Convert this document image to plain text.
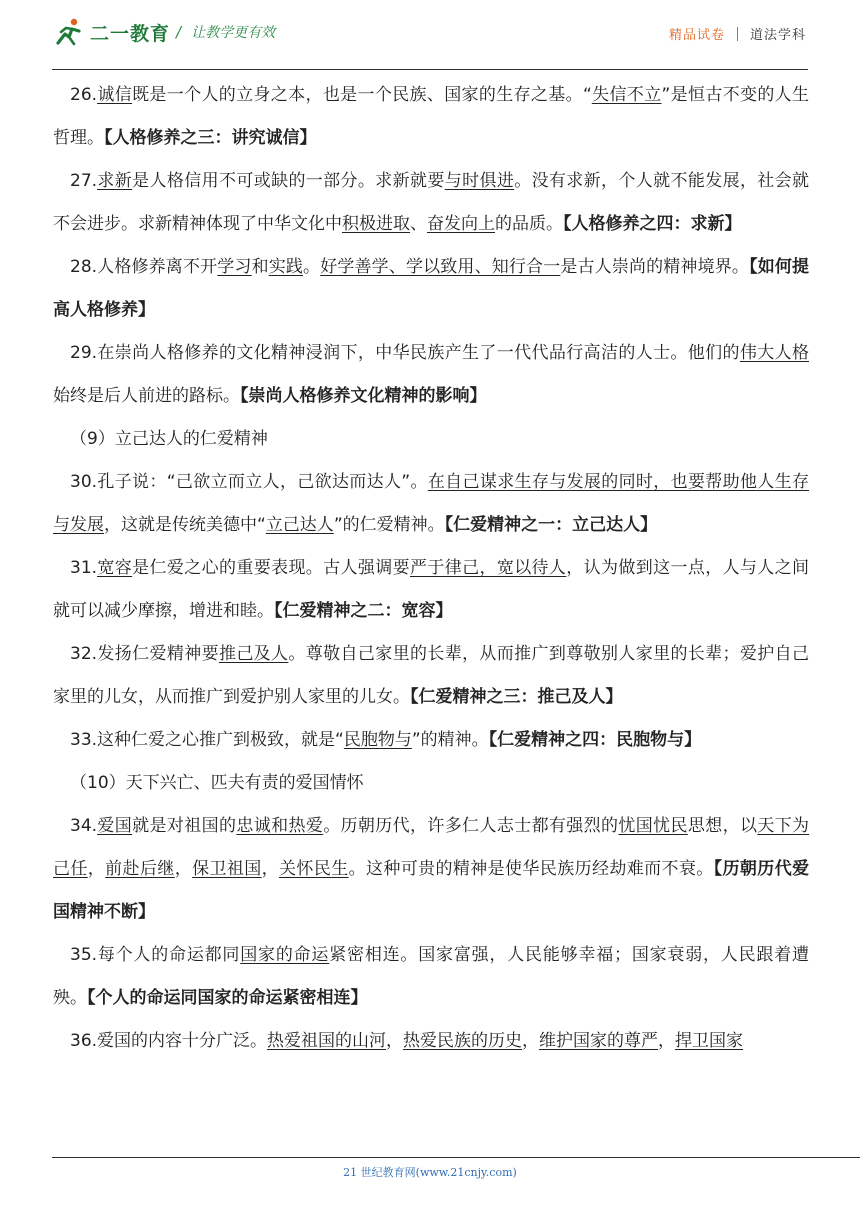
二一教育 / 让教学更有效	精品试卷 道法学科

26.诚信既是一个人的立身之本，也是一个民族、国家的生存之基。“失信不立”是恒古不变的人生哲理。【人格修养之三：讲究诚信】

27.求新是人格信用不可或缺的一部分。求新就要与时俱进。没有求新，个人就不能发展，社会就不会进步。求新精神体现了中华文化中积极进取、奋发向上的品质。【人格修养之四：求新】

28.人格修养离不开学习和实践。好学善学、学以致用、知行合一是古人崇尚的精神境界。【如何提高人格修养】

29.在崇尚人格修养的文化精神浸润下，中华民族产生了一代代品行高洁的人士。他们的伟大人格始终是后人前进的路标。【崇尚人格修养文化精神的影响】

（9）立己达人的仁爱精神

30.孔子说：“己欲立而立人，己欲达而达人”。在自己谋求生存与发展的同时，也要帮助他人生存与发展，这就是传统美德中“立己达人”的仁爱精神。【仁爱精神之一：立己达人】

31.宽容是仁爱之心的重要表现。古人强调要严于律己，宽以待人，认为做到这一点，人与人之间就可以减少摩擦，增进和睦。【仁爱精神之二：宽容】

32.发扬仁爱精神要推己及人。尊敬自己家里的长辈，从而推广到尊敬别人家里的长辈；爱护自己家里的儿女，从而推广到爱护别人家里的儿女。【仁爱精神之三：推己及人】

33.这种仁爱之心推广到极致，就是“民胞物与”的精神。【仁爱精神之四：民胞物与】

（10）天下兴亡、匹夫有责的爱国情怀

34.爱国就是对祖国的忠诚和热爱。历朝历代，许多仁人志士都有强烈的忧国忧民思想，以天下为己任，前赴后继，保卫祖国，关怀民生。这种可贵的精神是使华民族历经劫难而不衰。【历朝历代爱国精神不断】

35.每个人的命运都同国家的命运紧密相连。国家富强，人民能够幸福；国家衰弱，人民跟着遭殃。【个人的命运同国家的命运紧密相连】

36.爱国的内容十分广泛。热爱祖国的山河，热爱民族的历史，维护国家的尊严，捍卫国家

21 世纪教育网(www.21cnjy.com)
